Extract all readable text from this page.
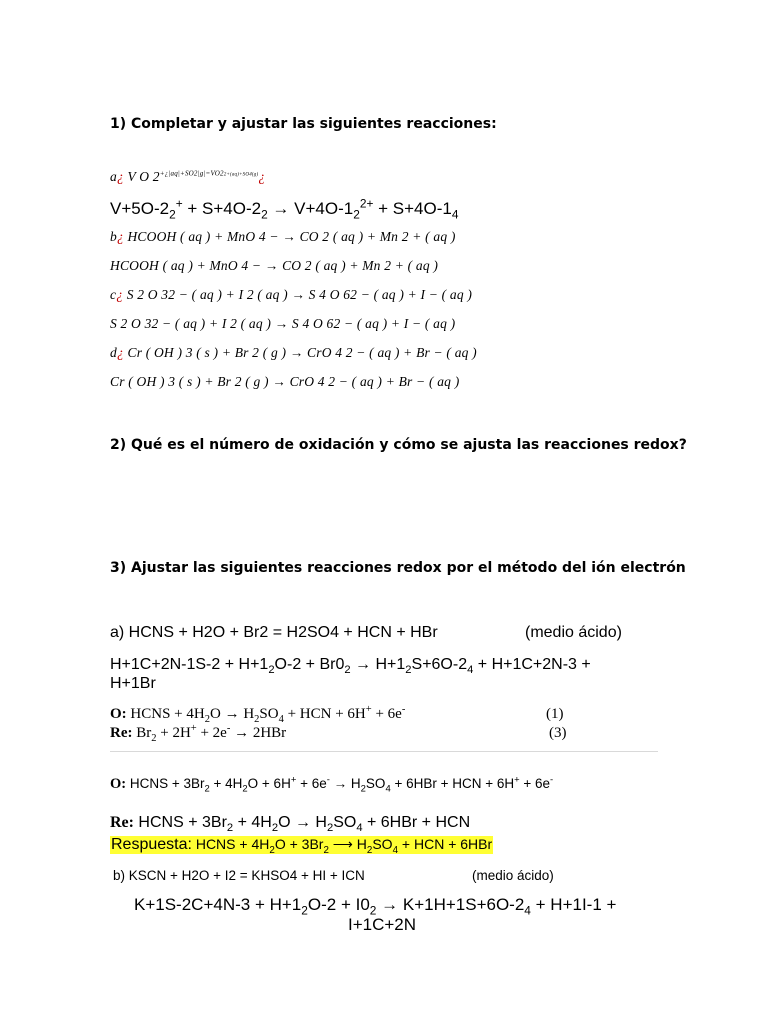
1) Completar y ajustar las siguientes reacciones:
a¿ V O $2^{+¿|aq|+SO2|g|=VO22+(aq)+SO4(g)}¿$
$V+5O-2_2^+ + S+4O-2_2 \to V+4O-1_2^{2+} + S+4O-1_4$
b¿ HCOOH ( aq ) + MnO 4 − → CO 2 ( aq ) + Mn 2 + ( aq )
HCOOH ( aq ) + MnO 4 − → CO 2 ( aq ) + Mn 2 + ( aq )
c¿ S 2 O 32 − ( aq ) + I 2 ( aq ) → S 4 O 62 − ( aq ) + I − ( aq )
S 2 O 32 − ( aq ) + I 2 ( aq ) → S 4 O 62 − ( aq ) + I − ( aq )
d¿ Cr ( OH ) 3 ( s ) + Br 2 ( g ) → CrO 4 2 − ( aq ) + Br − ( aq )
Cr ( OH ) 3 ( s ) + Br 2 ( g ) → CrO 4 2 − ( aq ) + Br − ( aq )
2) Qué es el número de oxidación y cómo se ajusta las reacciones redox?
3) Ajustar las siguientes reacciones redox por el método del ión electrón
a) HCNS + H2O + Br2 = H2SO4 + HCN + HBr	(medio ácido)
$H+1C+2N-1S-2 + H+1_2O-2 + Br0_2 \to H+1_2S+6O-2_4 + H+1C+2N-3$ +
H+1Br
O: HCNS + $4H_2O \to H_2SO_4$ + HCN + 6H+ + 6e-	(1)
Re: $Br_2 + 2H^+ + 2e^- \to 2HBr$	(3)
O: HCNS + $3Br_2 + 4H_2O + 6H^+ + 6e^- \to H_2SO_4 + 6HBr$ + HCN + 6H+ + 6e-
Re: HCNS + $3Br_2 + 4H_2O \to H_2SO_4 + 6HBr$ + HCN
Respuesta: HCNS + $4H_2O + 3Br_2$ ⟶ $H_2SO_4$ + HCN + 6HBr
b) KSCN + H2O + I2 = KHSO4 + HI + ICN	(medio ácido)
$K+1S-2C+4N-3 + H+1_2O-2 + I0_2 \to K+1H+1S+6O-2_4 + H+1I-1$ +
I+1C+2N
